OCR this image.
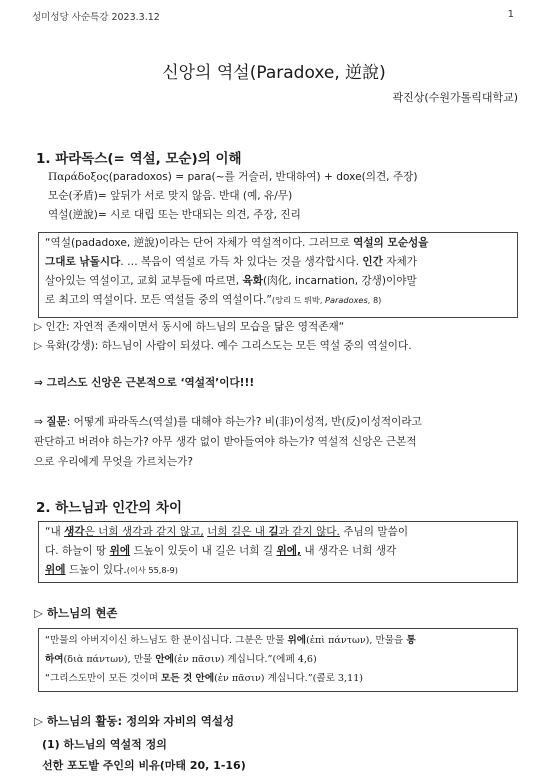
성미성당 사순특강 2023.3.12	1
신앙의 역설(Paradoxe, 逆說)
곽진상(수원가톨릭대학교)
1. 파라독스(= 역설, 모순)의 이해
Παράδοξος(paradoxos) = para(~를 거슬러, 반대하여) + doxe(의견, 주장)
모순(矛盾)= 앞뒤가 서로 맞지 않음. 반대 (예, 유/무)
역설(逆說)= 시로 대립 또는 반대되는 의견, 주장, 진리
“역설(padadoxe, 逆說)이라는 단어 자체가 역설적이다. 그러므로 역설의 모순성을
그대로 낚돌시다. … 복음이 역설로 가득 차 있다는 것을 생각합시다. 인간 자체가
살아있는 역설이고, 교회 교부들에 따르면, 육화(肉化, incarnation, 강생)이야말
로 최고의 역설이다. 모든 역설들 중의 역설이다.”(앙리 드 뤼박, Paradoxes, 8)
▷ 인간: 자연적 존재이면서 동시에 하느님의 모습을 닮은 영적존재“
▷ 육화(강생): 하느님이 사람이 되셨다. 예수 그리스도는 모든 역설 중의 역설이다.
⇒ 그리스도 신앙은 근본적으로 ‘역설적’이다!!!
⇒ 질문: 어떻게 파라독스(역설)를 대해야 하는가? 비(非)이성적, 반(反)이성적이라고
판단하고 버려야 하는가? 아무 생각 없이 받아들여야 하는가? 역설적 신앙은 근본적
으로 우리에게 무엇을 가르치는가?
2. 하느님과 인간의 차이
“내 생각은 너희 생각과 같지 않고, 너희 길은 내 길과 같지 않다. 주님의 말씀이
다. 하늘이 땅 위에 드높이 있듯이 내 길은 너희 길 위에, 내 생각은 너희 생각
위에 드높이 있다.(이사 55,8-9)
▷ 하느님의 현존
“만물의 아버지이신 하느님도 한 분이십니다. 그분은 만물 위에(ἐπὶ πάντων), 만물을 통
하여(διὰ πάντων), 만물 안에(ἐν πᾶσιν) 계십니다.”(에페 4,6)
“그리스도만이 모든 것이며 모든 것 안에(ἐν πᾶσιν) 계십니다.”(콜로 3,11)
▷ 하느님의 활동: 정의와 자비의 역설성
(1) 하느님의 역설적 정의
선한 포도밭 주인의 비유(마태 20, 1-16)
